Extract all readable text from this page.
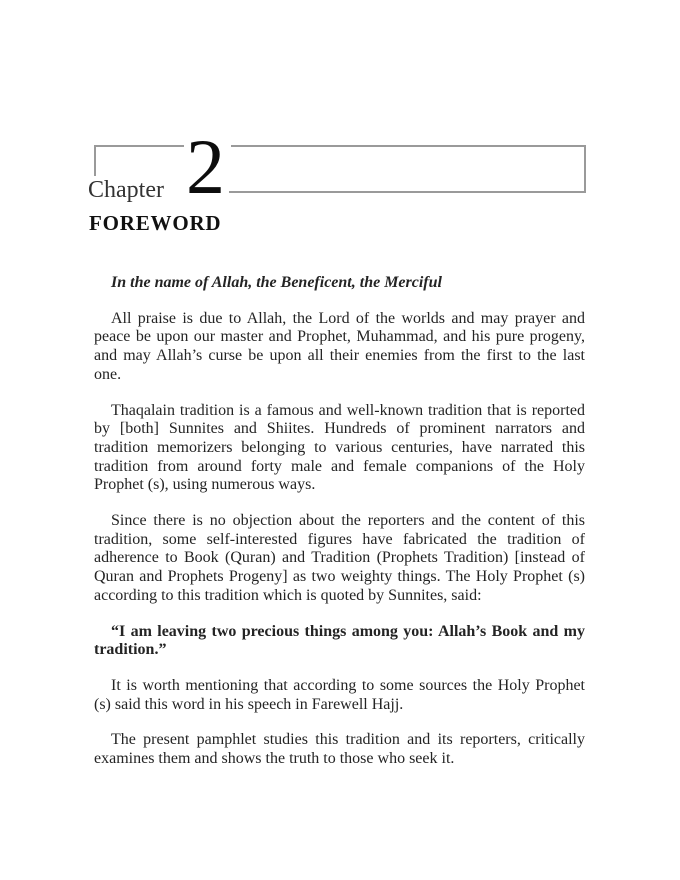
Chapter 2
FOREWORD

In the name of Allah, the Beneficent, the Merciful

All praise is due to Allah, the Lord of the worlds and may prayer and peace be upon our master and Prophet, Muhammad, and his pure progeny, and may Allah’s curse be upon all their enemies from the first to the last one.

Thaqalain tradition is a famous and well-known tradition that is reported by [both] Sunnites and Shiites. Hundreds of prominent narrators and tradition memorizers belonging to various centuries, have narrated this tradition from around forty male and female companions of the Holy Prophet (s), using numerous ways.

Since there is no objection about the reporters and the content of this tradition, some self-interested figures have fabricated the tradition of adherence to Book (Quran) and Tradition (Prophets Tradition) [instead of Quran and Prophets Progeny] as two weighty things. The Holy Prophet (s) according to this tradition which is quoted by Sunnites, said:

“I am leaving two precious things among you: Allah’s Book and my tradition.”

It is worth mentioning that according to some sources the Holy Prophet (s) said this word in his speech in Farewell Hajj.

The present pamphlet studies this tradition and its reporters, critically examines them and shows the truth to those who seek it.
